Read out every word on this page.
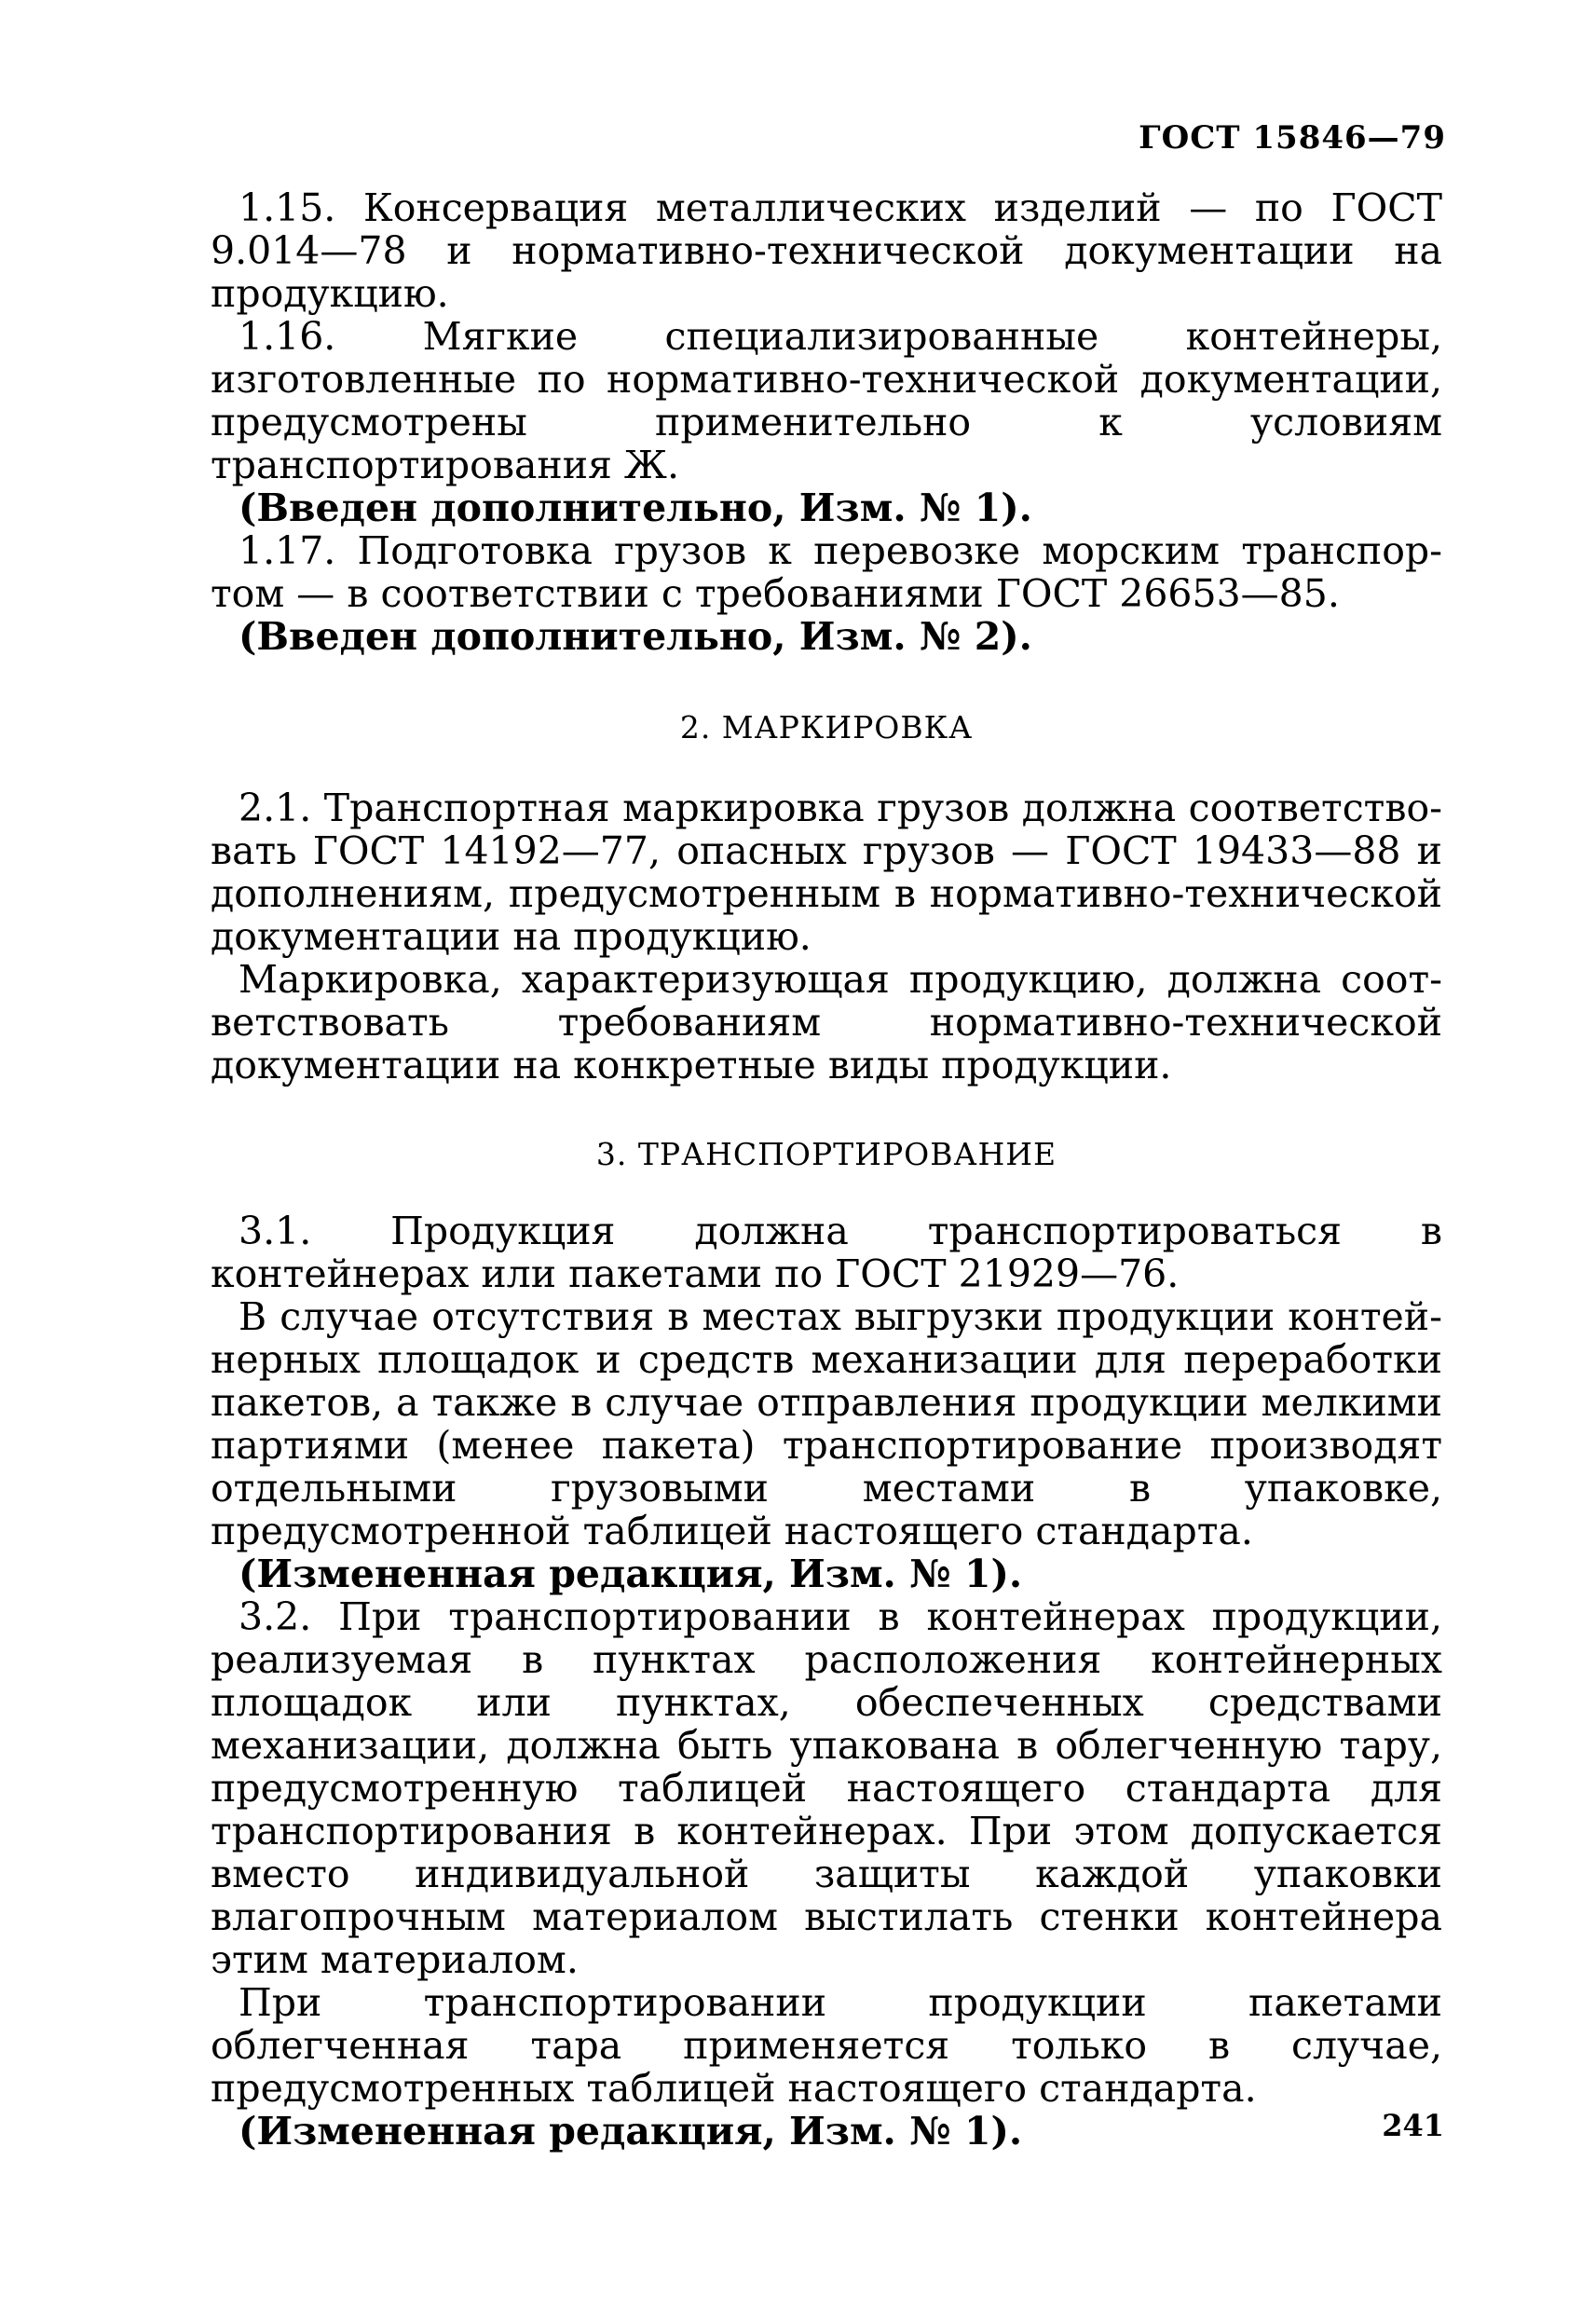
ГОСТ 15846—79

1.15. Консервация металлических изделий — по ГОСТ 9.014—78 и нормативно-технической документации на продукцию.

1.16. Мягкие специализированные контейнеры, изготовленные по нормативно-технической документации, предусмотрены применительно к условиям транспортирования Ж.

(Введен дополнительно, Изм. № 1).

1.17. Подготовка грузов к перевозке морским транспортом — в соответствии с требованиями ГОСТ 26653—85.

(Введен дополнительно, Изм. № 2).

2. МАРКИРОВКА

2.1. Транспортная маркировка грузов должна соответствовать ГОСТ 14192—77, опасных грузов — ГОСТ 19433—88 и дополнениям, предусмотренным в нормативно-технической документации на продукцию.

Маркировка, характеризующая продукцию, должна соответствовать требованиям нормативно-технической документации на конкретные виды продукции.

3. ТРАНСПОРТИРОВАНИЕ

3.1. Продукция должна транспортироваться в контейнерах или пакетами по ГОСТ 21929—76.

В случае отсутствия в местах выгрузки продукции контейнерных площадок и средств механизации для переработки пакетов, а также в случае отправления продукции мелкими партиями (менее пакета) транспортирование производят отдельными грузовыми местами в упаковке, предусмотренной таблицей настоящего стандарта.

(Измененная редакция, Изм. № 1).

3.2. При транспортировании в контейнерах продукции, реализуемая в пунктах расположения контейнерных площадок или пунктах, обеспеченных средствами механизации, должна быть упакована в облегченную тару, предусмотренную таблицей настоящего стандарта для транспортирования в контейнерах. При этом допускается вместо индивидуальной защиты каждой упаковки влагопрочным материалом выстилать стенки контейнера этим материалом.

При транспортировании продукции пакетами облегченная тара применяется только в случае, предусмотренных таблицей настоящего стандарта.

(Измененная редакция, Изм. № 1).	241
